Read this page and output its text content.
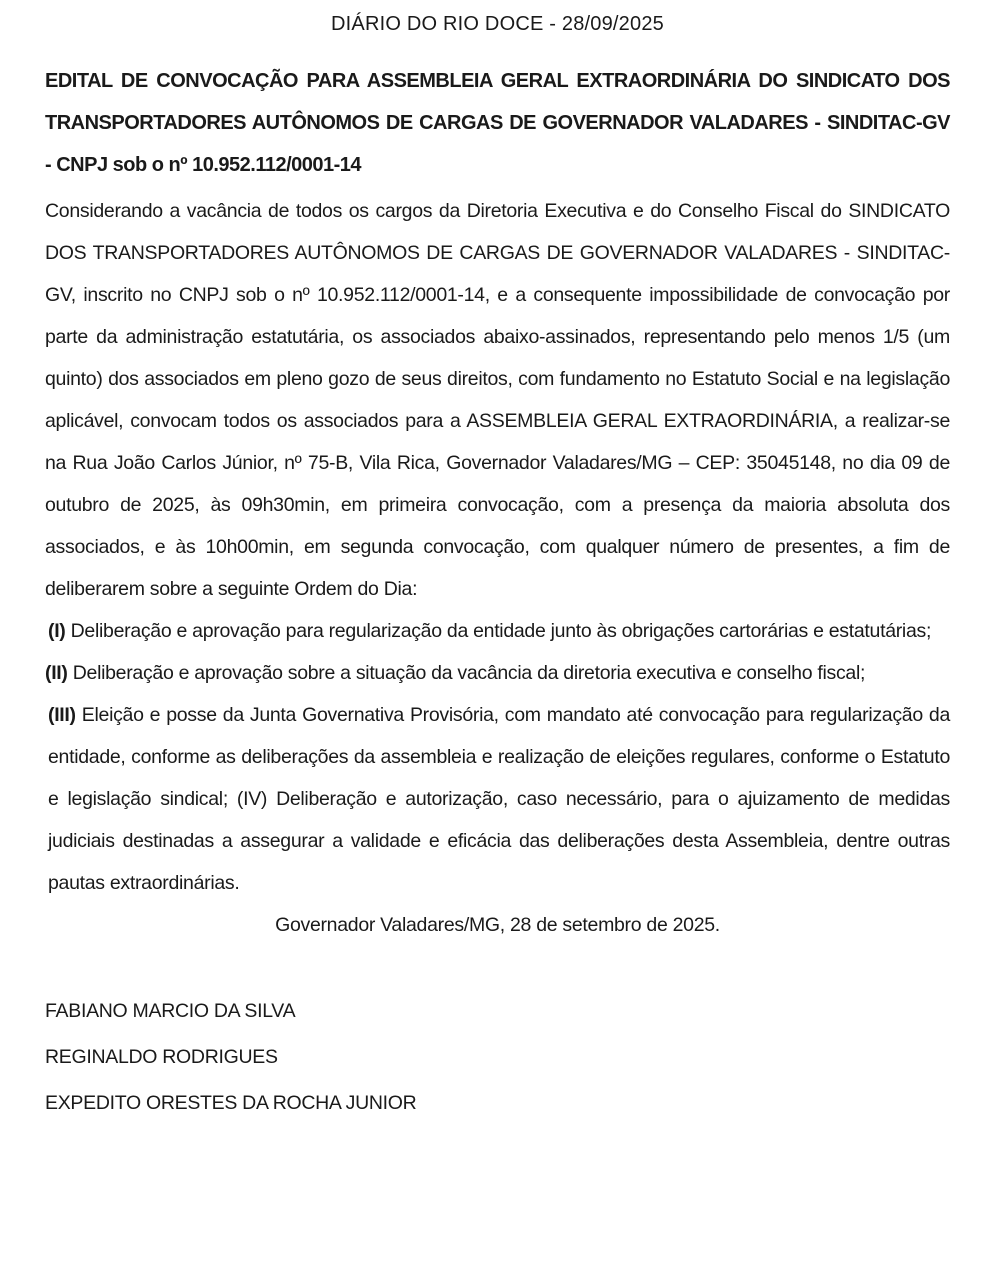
DIÁRIO DO RIO DOCE - 28/09/2025

EDITAL DE CONVOCAÇÃO PARA ASSEMBLEIA GERAL EXTRAORDINÁRIA DO SINDICATO DOS TRANSPORTADORES AUTÔNOMOS DE CARGAS DE GOVERNADOR VALADARES - SINDITAC-GV - CNPJ sob o nº 10.952.112/0001-14

Considerando a vacância de todos os cargos da Diretoria Executiva e do Conselho Fiscal do SINDICATO DOS TRANSPORTADORES AUTÔNOMOS DE CARGAS DE GOVERNADOR VALADARES - SINDITAC-GV, inscrito no CNPJ sob o nº 10.952.112/0001-14, e a consequente impossibilidade de convocação por parte da administração estatutária, os associados abaixo-assinados, representando pelo menos 1/5 (um quinto) dos associados em pleno gozo de seus direitos, com fundamento no Estatuto Social e na legislação aplicável, convocam todos os associados para a ASSEMBLEIA GERAL EXTRAORDINÁRIA, a realizar-se na Rua João Carlos Júnior, nº 75-B, Vila Rica, Governador Valadares/MG – CEP: 35045148, no dia 09 de outubro de 2025, às 09h30min, em primeira convocação, com a presença da maioria absoluta dos associados, e às 10h00min, em segunda convocação, com qualquer número de presentes, a fim de deliberarem sobre a seguinte Ordem do Dia:

(I) Deliberação e aprovação para regularização da entidade junto às obrigações cartorárias e estatutárias;

(II) Deliberação e aprovação sobre a situação da vacância da diretoria executiva e conselho fiscal;

(III) Eleição e posse da Junta Governativa Provisória, com mandato até convocação para regularização da entidade, conforme as deliberações da assembleia e realização de eleições regulares, conforme o Estatuto e legislação sindical; (IV) Deliberação e autorização, caso necessário, para o ajuizamento de medidas judiciais destinadas a assegurar a validade e eficácia das deliberações desta Assembleia, dentre outras pautas extraordinárias.

Governador Valadares/MG, 28 de setembro de 2025.

FABIANO MARCIO DA SILVA
REGINALDO RODRIGUES
EXPEDITO ORESTES DA ROCHA JUNIOR
